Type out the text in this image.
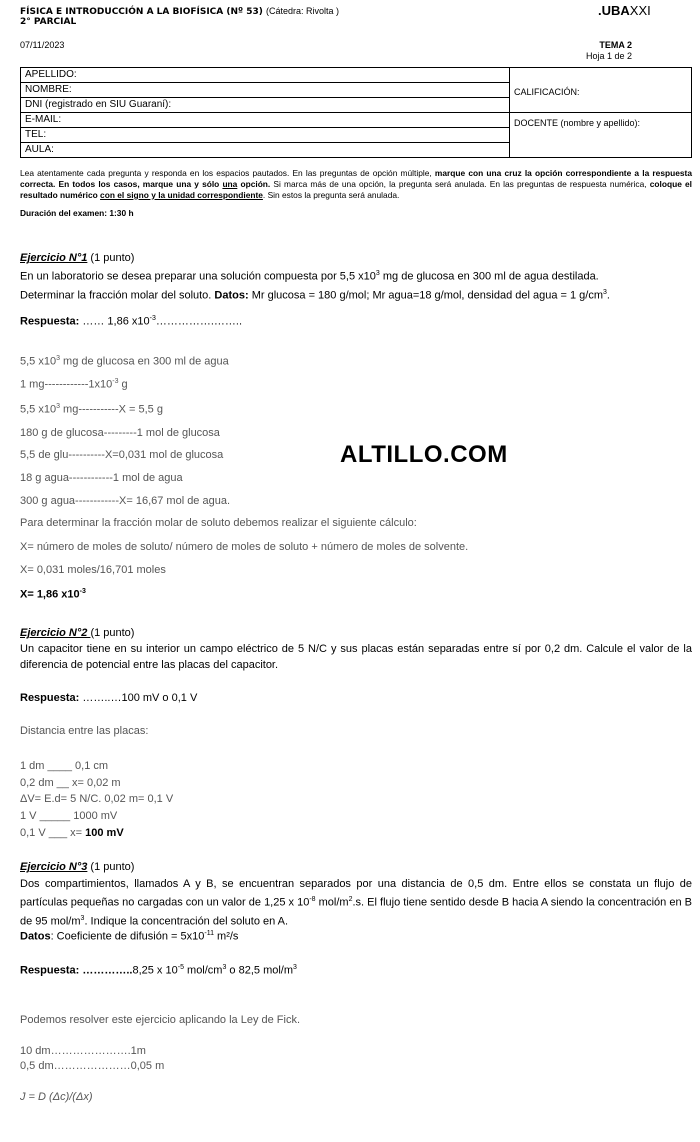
FÍSICA E INTRODUCCIÓN A LA BIOFÍSICA (Nº 53) (Cátedra: Rivolta )
2° PARCIAL
.UBAXXI
07/11/2023	TEMA 2
Hoja 1 de 2
APELLIDO:	CALIFICACIÓN:
NOMBRE:	
DNI (registrado en SIU Guaraní):	
E-MAIL:	DOCENTE (nombre y apellido):
TEL:	
AULA:	
Lea atentamente cada pregunta y responda en los espacios pautados. En las preguntas de opción múltiple, marque con una cruz la opción correspondiente a la respuesta correcta. En todos los casos, marque una y sólo una opción. Si marca más de una opción, la pregunta será anulada. En las preguntas de respuesta numérica, coloque el resultado numérico con el signo y la unidad correspondiente. Sin estos la pregunta será anulada.
Duración del examen: 1:30 h
Ejercicio N°1 (1 punto)
En un laboratorio se desea preparar una solución compuesta por 5,5 $x10^3$ mg de glucosa en 300 ml de agua destilada.
Determinar la fracción molar del soluto. Datos: Mr glucosa = 180 g/mol; Mr agua=18 g/mol, densidad del agua = 1 $g/cm^3$.
Respuesta: …… 1,86 $x10^{-3}\dots\dots\dots\dots\dots.\dots\dots$..
5,5 $x10^3$ mg de glucosa en 300 ml de agua
1 $mg------------1x10^{-3}$ g
5,5 $x10^3$ mg-----------X = 5,5 g
180 g de glucosa---------1 mol de glucosa
5,5 de glu----------X=0,031 mol de glucosa
18 g agua------------1 mol de agua
300 g agua------------X= 16,67 mol de agua.
Para determinar la fracción molar de soluto debemos realizar el siguiente cálculo:
X= número de moles de soluto/ número de moles de soluto + número de moles de solvente.
X= 0,031 moles/16,701 moles
X= 1,86 $x10^{-3}$
ALTILLO.COM
Ejercicio N°2 (1 punto)
Un capacitor tiene en su interior un campo eléctrico de 5 N/C y sus placas están separadas entre sí por 0,2 dm. Calcule el valor de la diferencia de potencial entre las placas del capacitor.
Respuesta: ……..…100 mV o 0,1 V
Distancia entre las placas:
1 dm ____ 0,1 cm
0,2 dm __ x= 0,02 m
ΔV= E.d= 5 N/C. 0,02 m= 0,1 V
1 V _____ 1000 mV
0,1 V ___ x= 100 mV
Ejercicio N°3 (1 punto)
Dos compartimientos, llamados A y B, se encuentran separados por una distancia de 0,5 dm. Entre ellos se constata un flujo de partículas pequeñas no cargadas con un valor de 1,25 x $10^{-8}$ mol/$m^2.s$. El flujo tiene sentido desde B hacia A siendo la concentración en B de 95 mol/$m^3$. Indique la concentración del soluto en A.
Datos: Coeficiente de difusión = $5x10^{-11}$ m²/s
Respuesta: …………..8,25 x $10^{-5}$ mol/$cm^3$ o 82,5 mol/$m^3$
Podemos resolver este ejercicio aplicando la Ley de Fick.
10 dm………………….1m
0,5 dm…………………0,05 m
J = D (Δc)/(Δx)
